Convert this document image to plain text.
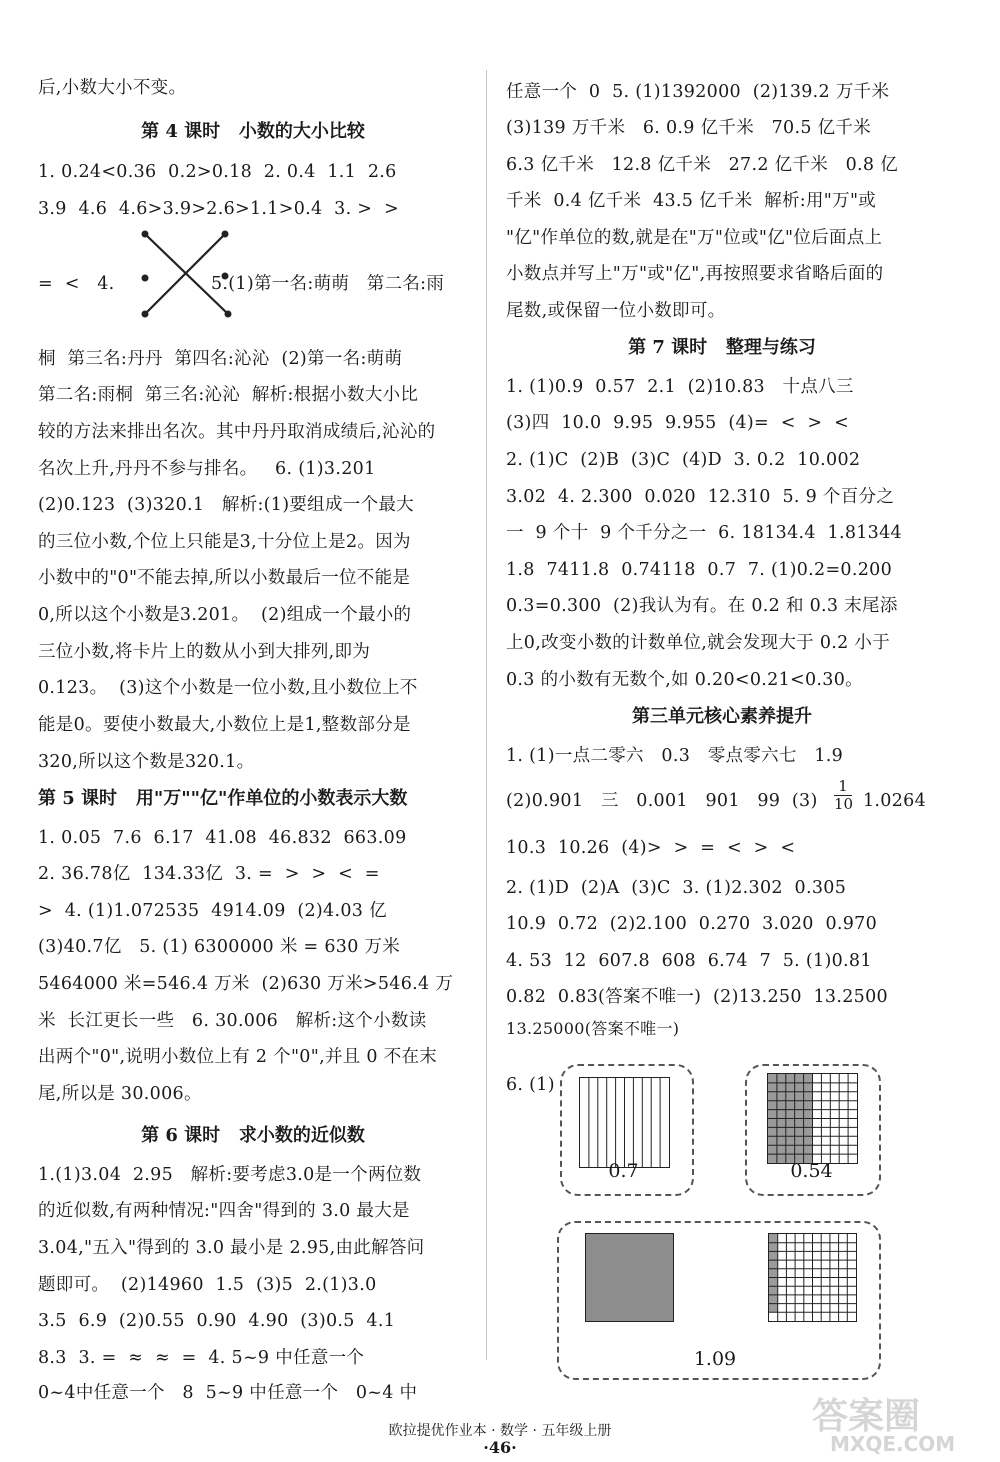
后,小数大小不变。
第 4 课时   小数的大小比较
1. 0.24<0.36  0.2>0.18  2. 0.4  1.1  2.6
3.9  4.6  4.6>3.9>2.6>1.1>0.4  3. >  >
=  <   4.	5.(1)第一名:萌萌   第二名:雨
桐  第三名:丹丹  第四名:沁沁  (2)第一名:萌萌
第二名:雨桐  第三名:沁沁  解析:根据小数大小比
较的方法来排出名次。其中丹丹取消成绩后,沁沁的
名次上升,丹丹不参与排名。   6. (1)3.201
(2)0.123  (3)320.1   解析:(1)要组成一个最大
的三位小数,个位上只能是3,十分位上是2。因为
小数中的"0"不能去掉,所以小数最后一位不能是
0,所以这个小数是3.201。  (2)组成一个最小的
三位小数,将卡片上的数从小到大排列,即为
0.123。  (3)这个小数是一位小数,且小数位上不
能是0。要使小数最大,小数位上是1,整数部分是
320,所以这个数是320.1。
第 5 课时   用"万""亿"作单位的小数表示大数
1. 0.05  7.6  6.17  41.08  46.832  663.09
2. 36.78亿  134.33亿  3. =  >  >  <  =
>  4. (1)1.072535  4914.09  (2)4.03 亿
(3)40.7亿   5. (1) 6300000 米 = 630 万米
5464000 米=546.4 万米  (2)630 万米>546.4 万
米  长江更长一些   6. 30.006   解析:这个小数读
出两个"0",说明小数位上有 2 个"0",并且 0 不在末
尾,所以是 30.006。
第 6 课时   求小数的近似数
1.(1)3.04  2.95   解析:要考虑3.0是一个两位数
的近似数,有两种情况:"四舍"得到的 3.0 最大是
3.04,"五入"得到的 3.0 最小是 2.95,由此解答问
题即可。  (2)14960  1.5  (3)5  2.(1)3.0
3.5  6.9  (2)0.55  0.90  4.90  (3)0.5  4.1
8.3  3. =  ≈  ≈  =  4. 5~9 中任意一个
0~4中任意一个   8  5~9 中任意一个   0~4 中
任意一个  0  5. (1)1392000  (2)139.2 万千米
(3)139 万千米   6. 0.9 亿千米   70.5 亿千米
6.3 亿千米   12.8 亿千米   27.2 亿千米   0.8 亿
千米  0.4 亿千米  43.5 亿千米  解析:用"万"或
"亿"作单位的数,就是在"万"位或"亿"位后面点上
小数点并写上"万"或"亿",再按照要求省略后面的
尾数,或保留一位小数即可。
第 7 课时   整理与练习
1. (1)0.9  0.57  2.1  (2)10.83   十点八三
(3)四  10.0  9.95  9.955  (4)=  <  >  <
2. (1)C  (2)B  (3)C  (4)D  3. 0.2  10.002
3.02  4. 2.300  0.020  12.310  5. 9 个百分之
一  9 个十  9 个千分之一  6. 18134.4  1.81344
1.8  7411.8  0.74118  0.7  7. (1)0.2=0.200
0.3=0.300  (2)我认为有。在 0.2 和 0.3 末尾添
上0,改变小数的计数单位,就会发现大于 0.2 小于
0.3 的小数有无数个,如 0.20<0.21<0.30。
第三单元核心素养提升
1. (1)一点二零六   0.3   零点零六七   1.9
(2)0.901   三   0.001   901   99  $(3) \frac{1}{10} 1.0264$
10.3  10.26  (4)>  >  =  <  >  <
2. (1)D  (2)A  (3)C  3. (1)2.302  0.305
10.9  0.72  (2)2.100  0.270  3.020  0.970
4. 53  12  607.8  608  6.74  7  5. (1)0.81
0.82  0.83(答案不唯一)  (2)13.250  13.2500
13.25000(答案不唯一)
6. (1)
0.7	0.54
1.09
欧拉提优作业本 · 数学 · 五年级上册
·46·
答案圈
MXQE.COM
